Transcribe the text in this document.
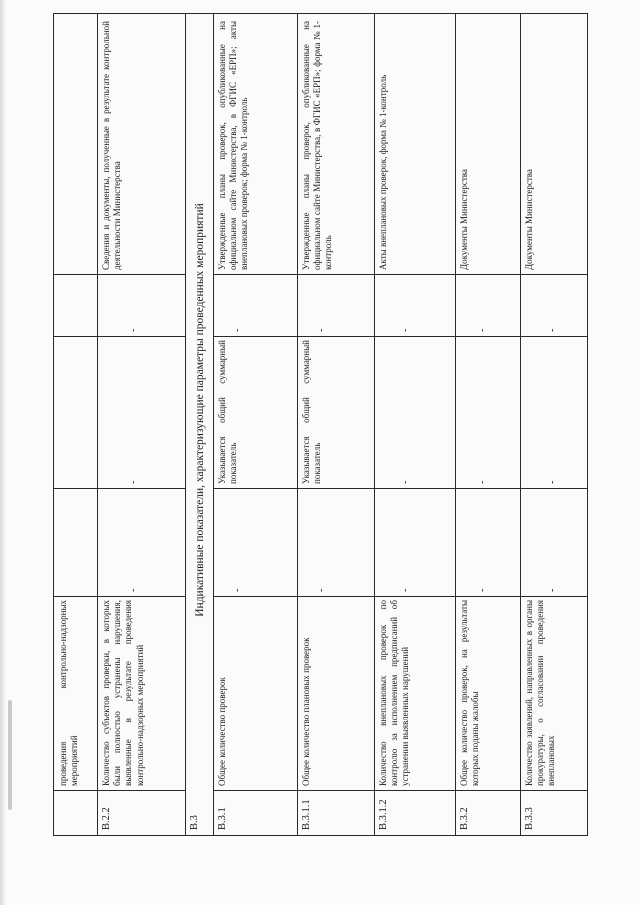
проведения контрольно-надзорных мероприятий
В.2.2
Количество субъектов проверки, в которых были полностью устранены нарушения, выявленные в результате проведения контрольно-надзорных мероприятий
-
-
-
Сведения и документы, полученные в результате контрольной деятельности Министерства
В.3
Индикативные показатели, характеризующие параметры проведенных мероприятий
В.3.1
Общее количество проверок
-
Указывается общий суммарный показатель
-
Утвержденные планы проверок, опубликованные на официальном сайте Министерства, в ФГИС «ЕРП»; акты внеплановых проверок; форма № 1-контроль
В.3.1.1
Общее количество плановых проверок
-
Указывается общий суммарный показатель
-
Утвержденные планы проверок, опубликованные на официальном сайте Министерства, в ФГИС «ЕРП»; форма № 1-контроль
В.3.1.2
Количество внеплановых проверок по контролю за исполнением предписаний об устранении выявленных нарушений
-
-
-
Акты внеплановых проверок, форма № 1-контроль
В.3.2
Общее количество проверок, на результаты которых поданы жалобы
-
-
-
Документы Министерства
В.3.3
Количество заявлений, направленных в органы прокуратуры, о согласовании проведения внеплановых
-
-
-
Документы Министерства
